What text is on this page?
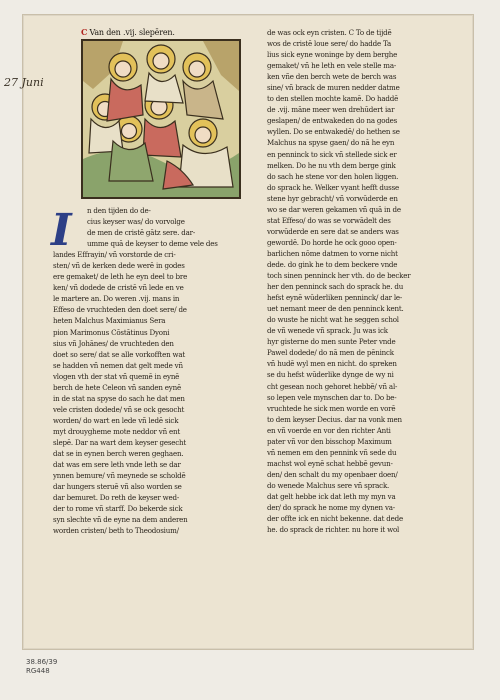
C Van den .vij. slepēren.
I	n den tijden do de-
cius keyser was/ do vorvolge
de men de cristē gātz sere. dar-
umme quā de keyser to deme vele des
landes Effrayin/ vñ vorstorde de cri-
sten/ vñ de kerken dede werē in godes
ere gemaket/ de leth he eyn deel to bre
ken/ vñ dodede de cristē vñ lede en ve
le martere an. Do weren .vij. mans in
Effeso de vruchteden den doet sere/ de
heten Malchus Maximianus Sera
pion Marimonus Cōstātinus Dyoni
sius vñ Johānes/ de vruchteden den
doet so sere/ dat se alle vorkofften wat
se hadden vñ nemen dat gelt mede vñ
vlogen vth der stat vñ quemē in eynē
berch de hete Celeon vñ sanden eynē
in de stat na spyse do sach he dat men
vele cristen dodede/ vñ se ock gesocht
worden/ do wart en lede vñ ledē sick
myt drouygheme mote neddor vñ ent
slepē. Dar na wart dem keyser gesecht
dat se in eynen berch weren geghaen.
dat was em sere leth vnde leth se dar
ynnen bemure/ vñ meynede se scholdē
dar hungers steruē vñ also worden se
dar bemuret. Do reth de keyser wed-
der to rome vñ starff. Do bekerde sick
syn slechte vñ de eyne na dem anderen
worden cristen/ beth to Theodosium/
de was ock eyn cristen. C To de tijdē
wos de cristē loue sere/ do hadde Ta
lius sick eyne woninge by dem berghe
gemaket/ vñ he leth en vele stelle ma-
ken vñe den berch wete de berch was
sine/ vñ brack de muren nedder datme
to den stellen mochte kamē. Do haddē
de .vij. māne meer wen drehūdert iar
geslapen/ de entwakeden do na godes
wyllen. Do se entwakedē/ do hethen se
Malchus na spyse gaen/ do nā he eyn
en penninck to sick vñ stellede sick er
melken. Do he nu vth dem berge gink
do sach he stene vor den holen liggen.
do sprack he. Welker vyant hefft dusse
stene hyr gebracht/ vñ vorwūderde en
wo se dar weren gekamen vñ quā in de
stat Effeso/ do was se vorwādelt des
vorwūderde en sere dat se anders was
gewordē. Do horde he ock gooo open-
barlichen nōme datmen to vorne nicht
dede. do gink he to dem beckere vnde
toch sinen penninck her vth. do de becker
her den penninck sach do sprack he. du
hefst eynē wūderliken penninck/ dar le-
uet nemant meer de den penninck kent.
do wuste he nicht wat he seggen schol
de vñ wenede vñ sprack. Ju was ick
hyr gisterne do men sunte Peter vnde
Pawel dodede/ do nā men de pēninck
vñ hudē wyl men en nicht. do spreken
se du hefst wūderlike dynge de wy ni
cht gesean noch gehoret hebbē/ vñ al-
so lepen vele mynschen dar to. Do be-
vruchtede he sick men worde en vorē
to dem keyser Decius. dar na vonk men
en vñ voerde en vor den richter Anti
pater vñ vor den bisschop Maximum
vñ nemen em den pennink vñ sede du
machst wol eynē schat hebbē gevun-
den/ den schalt du my openbaer doen/
do wenede Malchus sere vñ sprack.
dat gelt hebbe ick dat leth my myn va
der/ do sprack he nome my dynen va-
der offte ick en nicht bekenne. dat dede
he. do sprack de richter. nu hore it wol
27 Juni
38.86/39
RG448
